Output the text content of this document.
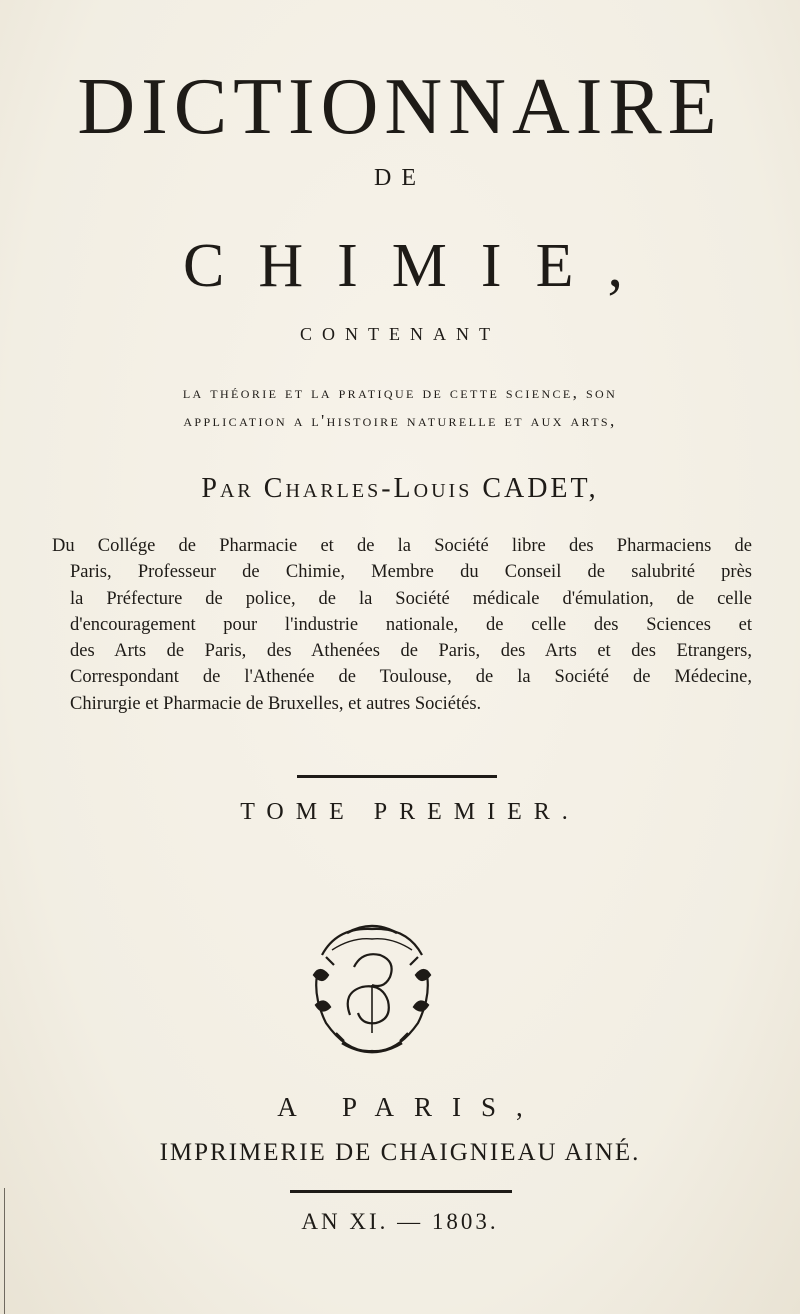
DICTIONNAIRE
DE
CHIMIE,
CONTENANT
la théorie et la pratique de cette science, son
application a l'histoire naturelle et aux arts,
Par Charles-Louis CADET,
Du Collége de Pharmacie et de la Société libre des Pharmaciens de
Paris, Professeur de Chimie, Membre du Conseil de salubrité près
la Préfecture de police, de la Société médicale d'émulation, de celle
d'encouragement pour l'industrie nationale, de celle des Sciences et
des Arts de Paris, des Athenées de Paris, des Arts et des Etrangers,
Correspondant de l'Athenée de Toulouse, de la Société de Médecine,
Chirurgie et Pharmacie de Bruxelles, et autres Sociétés.
TOME PREMIER.
A PARIS,
IMPRIMERIE DE CHAIGNIEAU AINÉ.
AN XI. — 1803.
